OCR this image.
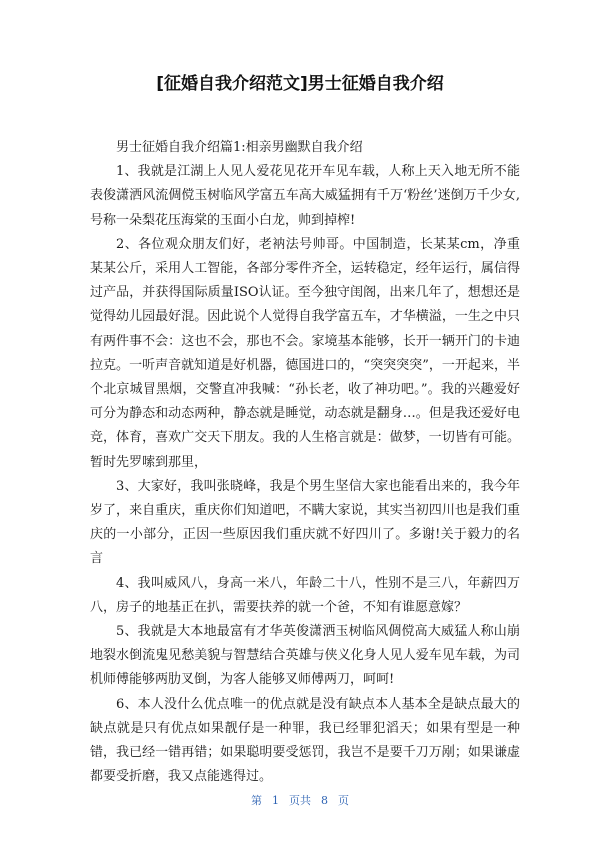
[征婚自我介绍范文]男士征婚自我介绍

男士征婚自我介绍篇1:相亲男幽默自我介绍

1、我就是江湖上人见人爱花见花开车见车载，人称上天入地无所不能表俊潇洒风流倜傥玉树临风学富五车高大威猛拥有千万‘粉丝’迷倒万千少女,号称一朵梨花压海棠的玉面小白龙，帅到掉榨!

2、各位观众朋友们好，老衲法号帅哥。中国制造，长某某cm，净重某某公斤，采用人工智能，各部分零件齐全，运转稳定，经年运行，属信得过产品，并获得国际质量ISO认证。至今独守闺阁，出来几年了，想想还是觉得幼儿园最好混。因此说个人觉得自我学富五车，才华横溢，一生之中只有两件事不会：这也不会，那也不会。家境基本能够，长开一辆开门的卡迪拉克。一听声音就知道是好机器，德国进口的，“突突突突”，一开起来，半个北京城冒黑烟，交警直冲我喊：“孙长老，收了神功吧。”。我的兴趣爱好可分为静态和动态两种，静态就是睡觉，动态就是翻身…。但是我还爱好电竞，体育，喜欢广交天下朋友。我的人生格言就是：做梦，一切皆有可能。暂时先罗嗦到那里，

3、大家好，我叫张晓峰，我是个男生坚信大家也能看出来的，我今年岁了，来自重庆，重庆你们知道吧，不瞒大家说，其实当初四川也是我们重庆的一小部分，正因一些原因我们重庆就不好四川了。多谢!关于毅力的名言

4、我叫威风八，身高一米八，年龄二十八，性别不是三八，年薪四万八，房子的地基正在扒，需要扶养的就一个爸，不知有谁愿意嫁？

5、我就是大本地最富有才华英俊潇洒玉树临风倜傥高大威猛人称山崩地裂水倒流鬼见愁美貌与智慧结合英雄与侠义化身人见人爱车见车载，为司机师傅能够两肋叉倒，为客人能够叉师傅两刀，呵呵!

6、本人没什么优点唯一的优点就是没有缺点本人基本全是缺点最大的缺点就是只有优点如果靓仔是一种罪，我已经罪犯滔天；如果有型是一种错，我已经一错再错；如果聪明要受惩罚，我岂不是要千刀万剐；如果谦虚都要受折磨，我又点能逃得过。

第 1 页共 8 页
